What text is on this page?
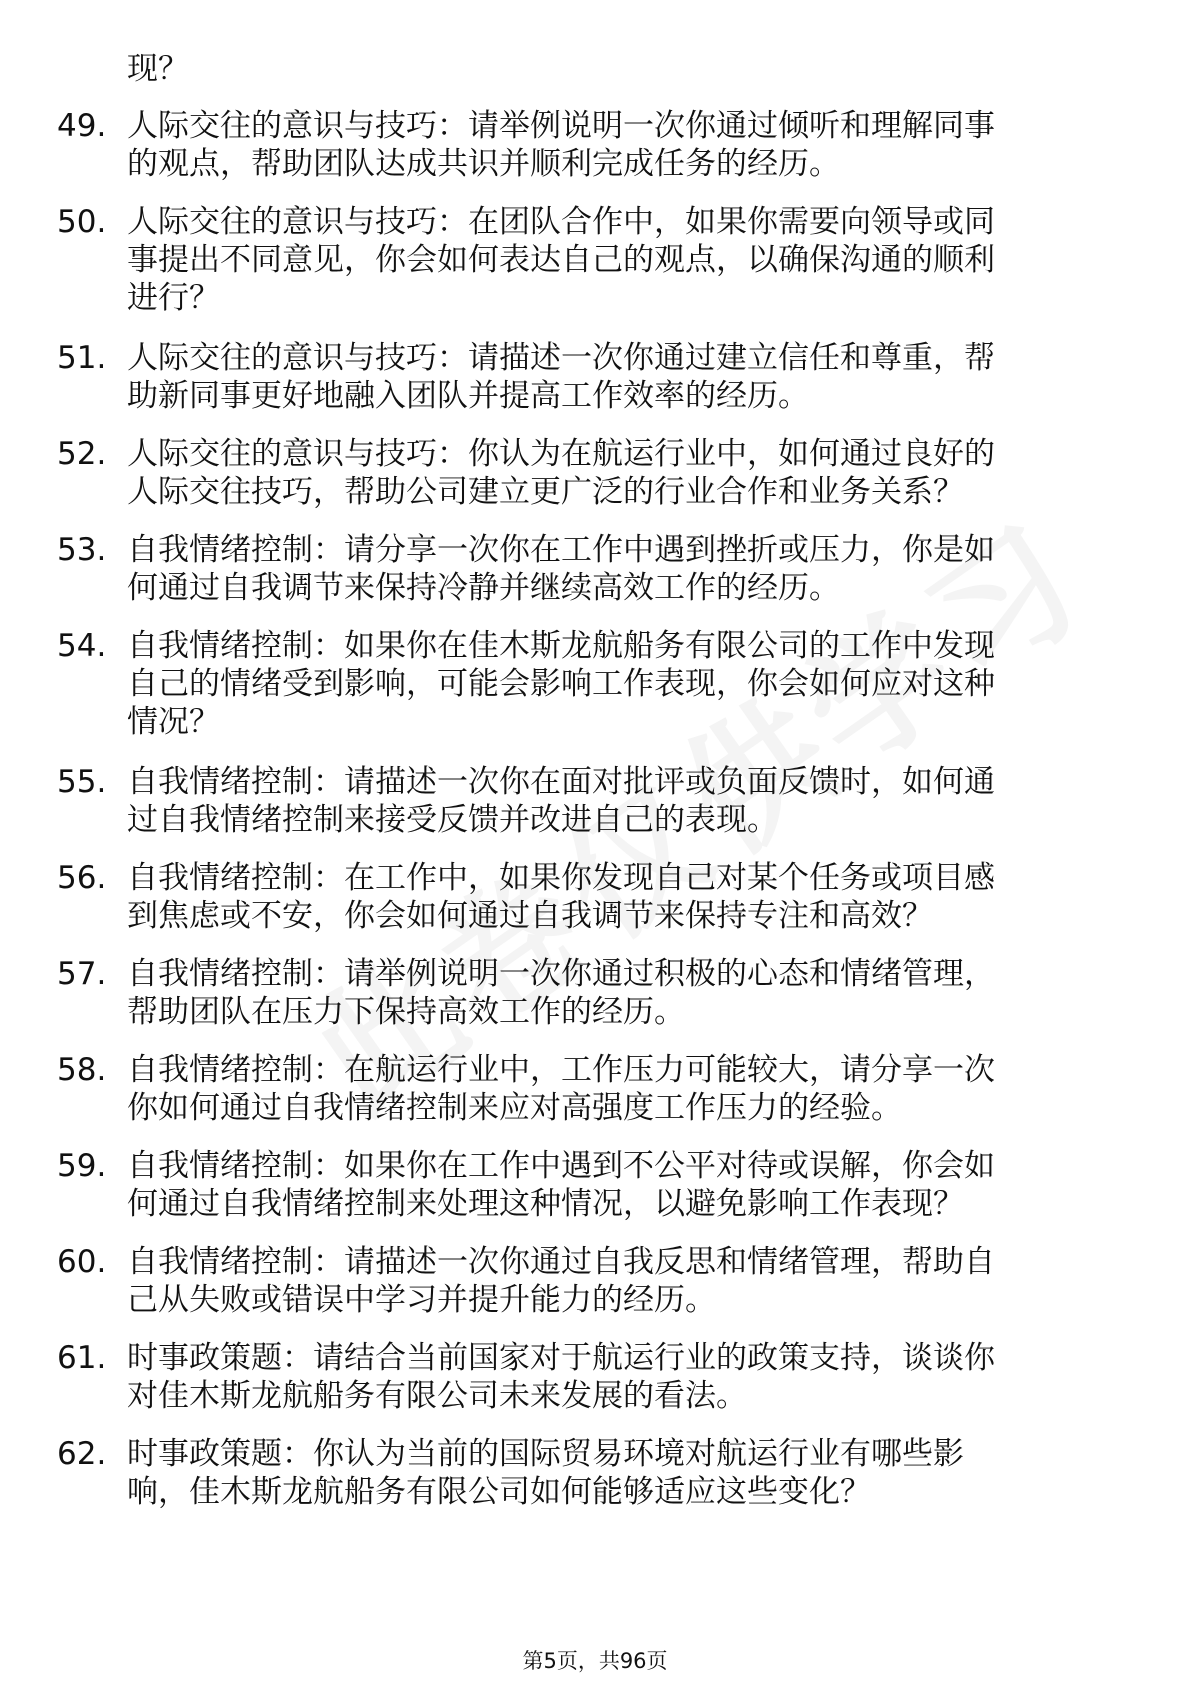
现？
49. 人际交往的意识与技巧：请举例说明一次你通过倾听和理解同事
的观点，帮助团队达成共识并顺利完成任务的经历。
50. 人际交往的意识与技巧：在团队合作中，如果你需要向领导或同
事提出不同意见，你会如何表达自己的观点，以确保沟通的顺利
进行？
51. 人际交往的意识与技巧：请描述一次你通过建立信任和尊重，帮
助新同事更好地融入团队并提高工作效率的经历。
52. 人际交往的意识与技巧：你认为在航运行业中，如何通过良好的
人际交往技巧，帮助公司建立更广泛的行业合作和业务关系？
53. 自我情绪控制：请分享一次你在工作中遇到挫折或压力，你是如
何通过自我调节来保持冷静并继续高效工作的经历。
54. 自我情绪控制：如果你在佳木斯龙航船务有限公司的工作中发现
自己的情绪受到影响，可能会影响工作表现，你会如何应对这种
情况？
55. 自我情绪控制：请描述一次你在面对批评或负面反馈时，如何通
过自我情绪控制来接受反馈并改进自己的表现。
56. 自我情绪控制：在工作中，如果你发现自己对某个任务或项目感
到焦虑或不安，你会如何通过自我调节来保持专注和高效？
57. 自我情绪控制：请举例说明一次你通过积极的心态和情绪管理，
帮助团队在压力下保持高效工作的经历。
58. 自我情绪控制：在航运行业中，工作压力可能较大，请分享一次
你如何通过自我情绪控制来应对高强度工作压力的经验。
59. 自我情绪控制：如果你在工作中遇到不公平对待或误解，你会如
何通过自我情绪控制来处理这种情况，以避免影响工作表现？
60. 自我情绪控制：请描述一次你通过自我反思和情绪管理，帮助自
己从失败或错误中学习并提升能力的经历。
61. 时事政策题：请结合当前国家对于航运行业的政策支持，谈谈你
对佳木斯龙航船务有限公司未来发展的看法。
62. 时事政策题：你认为当前的国际贸易环境对航运行业有哪些影
响，佳木斯龙航船务有限公司如何能够适应这些变化？
第5页，共96页
